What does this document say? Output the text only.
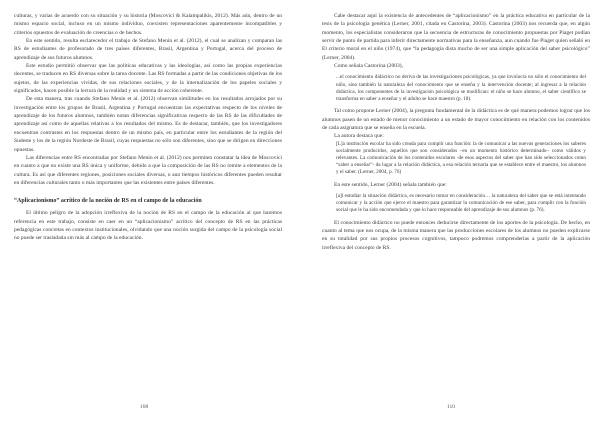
culturas, y varias de acuerdo con su situación y su historia (Moscovici & Kalampalikis, 2012). Más aún, dentro de un mismo espacio social, incluso en un mismo individuo, coexisten representaciones aparentemente incompatibles y criterios opuestos de evaluación de creencias o de hechos.

En este sentido, resulta esclarecedor el trabajo de Stefano Menin et al. (2012), el cual se analizan y comparan las RS de estudiantes de profesorado de tres países diferentes, Brasil, Argentina y Portugal, acerca del proceso de aprendizaje de sus futuros alumnos.

Este estudio permitió observar que las políticas educativas y las ideologías, así como las propias experiencias docentes, se traducen en RS diversas sobre la tarea docente. Las RS formadas a partir de las condiciones objetivas de los sujetos, de las experiencias vividas, de sus relaciones sociales, y de la internalización de los papeles sociales y significados, hacen posible la lectura de la realidad y un sistema de acción coherente.

De esta manera, tras cuando Stefano Menin et al. (2012) observan similitudes en los resultados arrojados por su investigación entre los grupos de Brasil, Argentina y Portugal encuentran las expectativas respecto de los niveles de aprendizaje de los futuros alumnos, también notan diferencias significativas respecto de las RS de las dificultades de aprendizaje así como de aquellas relativas a los resultados del mismo. Es de destacar, también, que los investigadores encuentran contrastes en los respuestas dentro de un mismo país, en particular entre los estudiantes de la región del Sudeste y los de la región Nordeste de Brasil, cuyas respuestas no sólo son diferentes, sino que se dirigen en direcciones opuestas.

Las diferencias entre RS encontradas por Stefano Menin et al. (2012) nos permiten constatar la idea de Moscovici en cuanto a que no existe una RS única y uniforme, debido a que la composición de las RS no remite a elementos de la cultura. Es así que diferentes regiones, posiciones sociales diversas, o aun tiempos históricos diferentes pueden resultar en diferencias culturales tanto o más importantes que las existentes entre países diferentes.

“Aplicacionismo” acrítico de la noción de RS en el campo de la educación

El último peligro de la adopción irreflexiva de la noción de RS en el campo de la educación al que haremos referencia en este trabajo, consiste en caer en un “aplicacionismo” acrítico del concepto de RS en las prácticas pedagógicas concretas en contextos institucionales, olvidando que una noción surgida del campo de la psicología social no puede ser trasladada sin más al campo de la educación.

Cabe destacar aquí la existencia de antecedentes de “aplicacionismo” en la práctica educativa en particular de la tesis de la psicología genética (Lerner, 2001, citada en Castorina, 2003). Castorina (2003) nos recuerda que, en algún momento, los especialistas consideraron que la secuencia de estructuras de conocimiento propuestas por Piaget podían servir de punto de partida para inferir directamente normativas para la enseñanza, aun cuando fue Piaget quien señaló en El criterio moral en el niño (1974), que “la pedagogía dista mucho de ser una simple aplicación del saber psicológico” (Lerner, 2004).

Como señala Castorina (2003),

...el conocimiento didáctico no deriva de las investigaciones psicológicas, ya que involucra no sólo el conocimiento del niño, sino también la naturaleza del conocimiento que se enseña y la intervención docente; al ingresar a la relación didáctica, los componentes de la investigación psicológica se modifican: el niño se hace alumno, el saber científico se transforma en saber a enseñar y el adulto se hace maestro (p. 18).

Tal como propone Lerner (2004), la pregunta fundamental de la didáctica es de qué manera podemos lograr que los alumnos pasen de un estado de menor conocimiento a un estado de mayor conocimiento en relación con los contenidos de cada asignatura que se enseña en la escuela.

La autora destaca que:

[L]a institución escolar ha sido creada para cumplir una función: la de comunicar a las nuevas generaciones los saberes socialmente producidos, aquellos que son considerados –en un momento histórico determinado– como válidos y relevantes. La comunicación de los contenidos escolares -de esos aspectos del saber que han sido seleccionados como “saber a enseñar”- da lugar a la relación didáctica, a esa relación ternaria que se establece entre el maestro, los alumnos y el saber. (Lerner, 2004, p. 76)

En este sentido, Lerner (2004) señala también que:

[a]l estudiar la situación didáctica, es necesario tomar en consideración… la naturaleza del saber que se está intentando comunicar y la acción que ejerce el maestro para garantizar la comunicación de ese saber, para cumplir con la función social que le ha sido encomendada y que lo hace responsable del aprendizaje de sus alumnos (p. 76).

El conocimiento didáctico no puede entonces deducirse directamente de los aportes de la psicología. De hecho, en cuanto al tema que nos ocupa, de la misma manera que las producciones escolares de los alumnos no pueden explicarse en su totalidad por sus propios procesos cognitivos, tampoco podremos comprenderlas a partir de la aplicación irreflexiva del concepto de RS.

108	110
